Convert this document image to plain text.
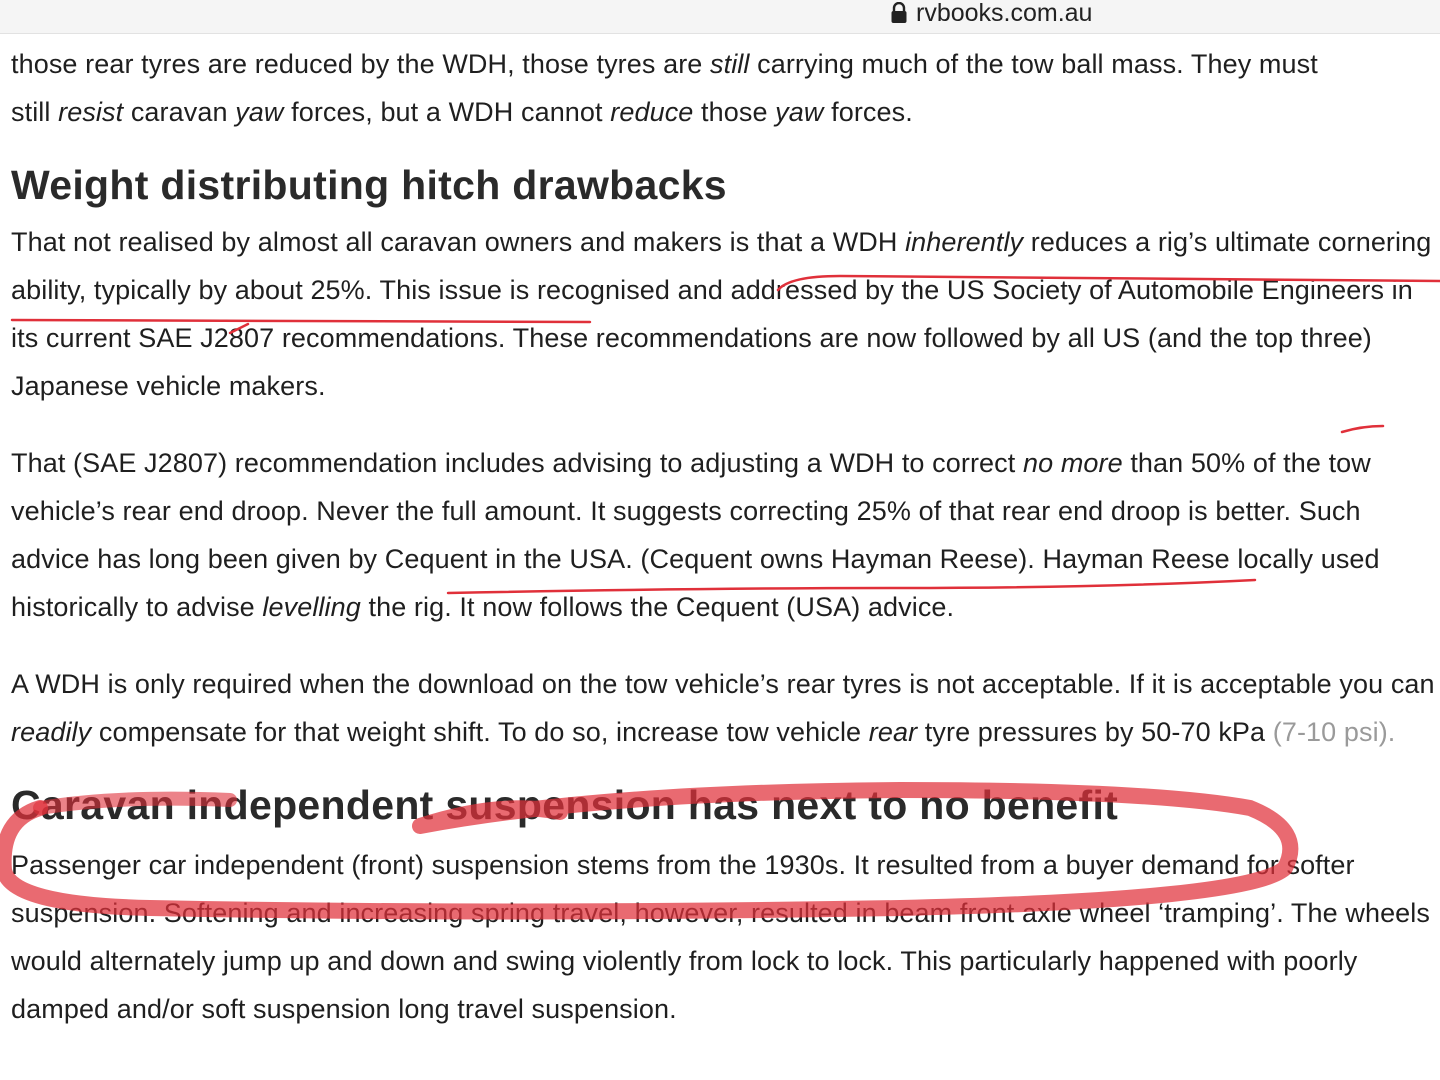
rvbooks.com.au

those rear tyres are reduced by the WDH, those tyres are still carrying much of the tow ball mass. They must
still resist caravan yaw forces, but a WDH cannot reduce those yaw forces.

Weight distributing hitch drawbacks

That not realised by almost all caravan owners and makers is that a WDH inherently reduces a rig’s ultimate cornering ability, typically by about 25%. This issue is recognised and addressed by the US Society of Automobile Engineers in its current SAE J2807 recommendations. These recommendations are now followed by all US (and the top three) Japanese vehicle makers.

That (SAE J2807) recommendation includes advising to adjusting a WDH to correct no more than 50% of the tow vehicle’s rear end droop. Never the full amount. It suggests correcting 25% of that rear end droop is better. Such advice has long been given by Cequent in the USA. (Cequent owns Hayman Reese). Hayman Reese locally used historically to advise levelling the rig. It now follows the Cequent (USA) advice.

A WDH is only required when the download on the tow vehicle’s rear tyres is not acceptable. If it is acceptable you can readily compensate for that weight shift. To do so, increase tow vehicle rear tyre pressures by 50-70 kPa (7-10 psi).

Caravan independent suspension has next to no benefit

Passenger car independent (front) suspension stems from the 1930s. It resulted from a buyer demand for softer suspension. Softening and increasing spring travel, however, resulted in beam front axle wheel ‘tramping’. The wheels would alternately jump up and down and swing violently from lock to lock. This particularly happened with poorly damped and/or soft suspension long travel suspension.
